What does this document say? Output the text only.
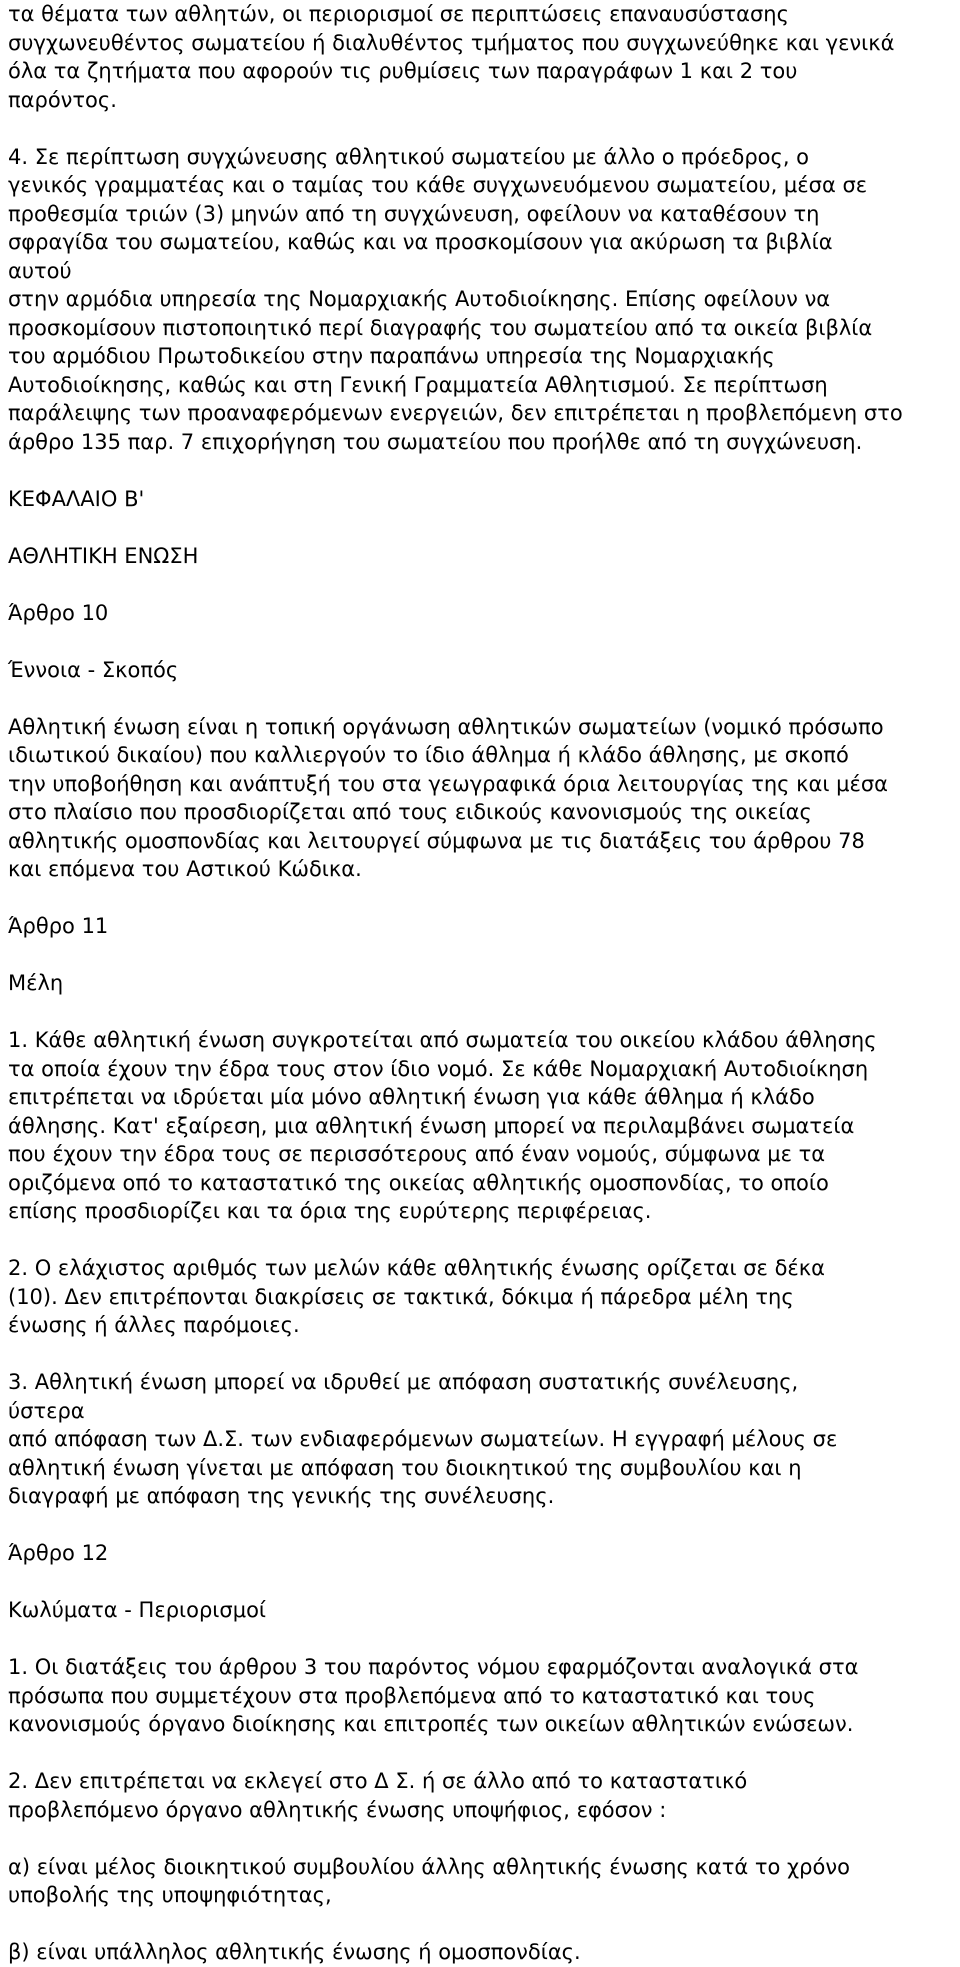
τα θέματα των αθλητών, οι περιορισμοί σε περιπτώσεις επαναυσύστασης
συγχωνευθέντος σωματείου ή διαλυθέντος τμήματος που συγχωνεύθηκε και γενικά
όλα τα ζητήματα που αφορούν τις ρυθμίσεις των παραγράφων 1 και 2 του
παρόντος.
4. Σε περίπτωση συγχώνευσης αθλητικού σωματείου με άλλο ο πρόεδρος, ο
γενικός γραμματέας και ο ταμίας του κάθε συγχωνευόμενου σωματείου, μέσα σε
προθεσμία τριών (3) μηνών από τη συγχώνευση, οφείλουν να καταθέσουν τη
σφραγίδα του σωματείου, καθώς και να προσκομίσουν για ακύρωση τα βιβλία
αυτού
στην αρμόδια υπηρεσία της Νομαρχιακής Αυτοδιοίκησης. Επίσης οφείλουν να
προσκομίσουν πιστοποιητικό περί διαγραφής του σωματείου από τα οικεία βιβλία
του αρμόδιου Πρωτοδικείου στην παραπάνω υπηρεσία της Νομαρχιακής
Αυτοδιοίκησης, καθώς και στη Γενική Γραμματεία Αθλητισμού. Σε περίπτωση
παράλειψης των προαναφερόμενων ενεργειών, δεν επιτρέπεται η προβλεπόμενη στο
άρθρο 135 παρ. 7 επιχορήγηση του σωματείου που προήλθε από τη συγχώνευση.
ΚΕΦΑΛΑΙΟ Β'
ΑΘΛΗΤΙΚΗ ΕΝΩΣΗ
Άρθρο 10
Έννοια - Σκοπός
Αθλητική ένωση είναι η τοπική οργάνωση αθλητικών σωματείων (νομικό πρόσωπο
ιδιωτικού δικαίου) που καλλιεργούν το ίδιο άθλημα ή κλάδο άθλησης, με σκοπό
την υποβοήθηση και ανάπτυξή του στα γεωγραφικά όρια λειτουργίας της και μέσα
στο πλαίσιο που προσδιορίζεται από τους ειδικούς κανονισμούς της οικείας
αθλητικής ομοσπονδίας και λειτουργεί σύμφωνα με τις διατάξεις του άρθρου 78
και επόμενα του Αστικού Κώδικα.
Άρθρο 11
Μέλη
1. Κάθε αθλητική ένωση συγκροτείται από σωματεία του οικείου κλάδου άθλησης
τα οποία έχουν την έδρα τους στον ίδιο νομό. Σε κάθε Νομαρχιακή Αυτοδιοίκηση
επιτρέπεται να ιδρύεται μία μόνο αθλητική ένωση για κάθε άθλημα ή κλάδο
άθλησης. Κατ' εξαίρεση, μια αθλητική ένωση μπορεί να περιλαμβάνει σωματεία
που έχουν την έδρα τους σε περισσότερους από έναν νομούς, σύμφωνα με τα
οριζόμενα οπό το καταστατικό της οικείας αθλητικής ομοσπονδίας, το οποίο
επίσης προσδιορίζει και τα όρια της ευρύτερης περιφέρειας.
2. Ο ελάχιστος αριθμός των μελών κάθε αθλητικής ένωσης ορίζεται σε δέκα
(10). Δεν επιτρέπονται διακρίσεις σε τακτικά, δόκιμα ή πάρεδρα μέλη της
ένωσης ή άλλες παρόμοιες.
3. Αθλητική ένωση μπορεί να ιδρυθεί με απόφαση συστατικής συνέλευσης,
ύστερα
από απόφαση των Δ.Σ. των ενδιαφερόμενων σωματείων. Η εγγραφή μέλους σε
αθλητική ένωση γίνεται με απόφαση του διοικητικού της συμβουλίου και η
διαγραφή με απόφαση της γενικής της συνέλευσης.
Άρθρο 12
Κωλύματα - Περιορισμοί
1. Οι διατάξεις του άρθρου 3 του παρόντος νόμου εφαρμόζονται αναλογικά στα
πρόσωπα που συμμετέχουν στα προβλεπόμενα από το καταστατικό και τους
κανονισμούς όργανο διοίκησης και επιτροπές των οικείων αθλητικών ενώσεων.
2. Δεν επιτρέπεται να εκλεγεί στο Δ Σ. ή σε άλλο από το καταστατικό
προβλεπόμενο όργανο αθλητικής ένωσης υποψήφιος, εφόσον :
α) είναι μέλος διοικητικού συμβουλίου άλλης αθλητικής ένωσης κατά το χρόνο
υποβολής της υποψηφιότητας,
β) είναι υπάλληλος αθλητικής ένωσης ή ομοσπονδίας.
